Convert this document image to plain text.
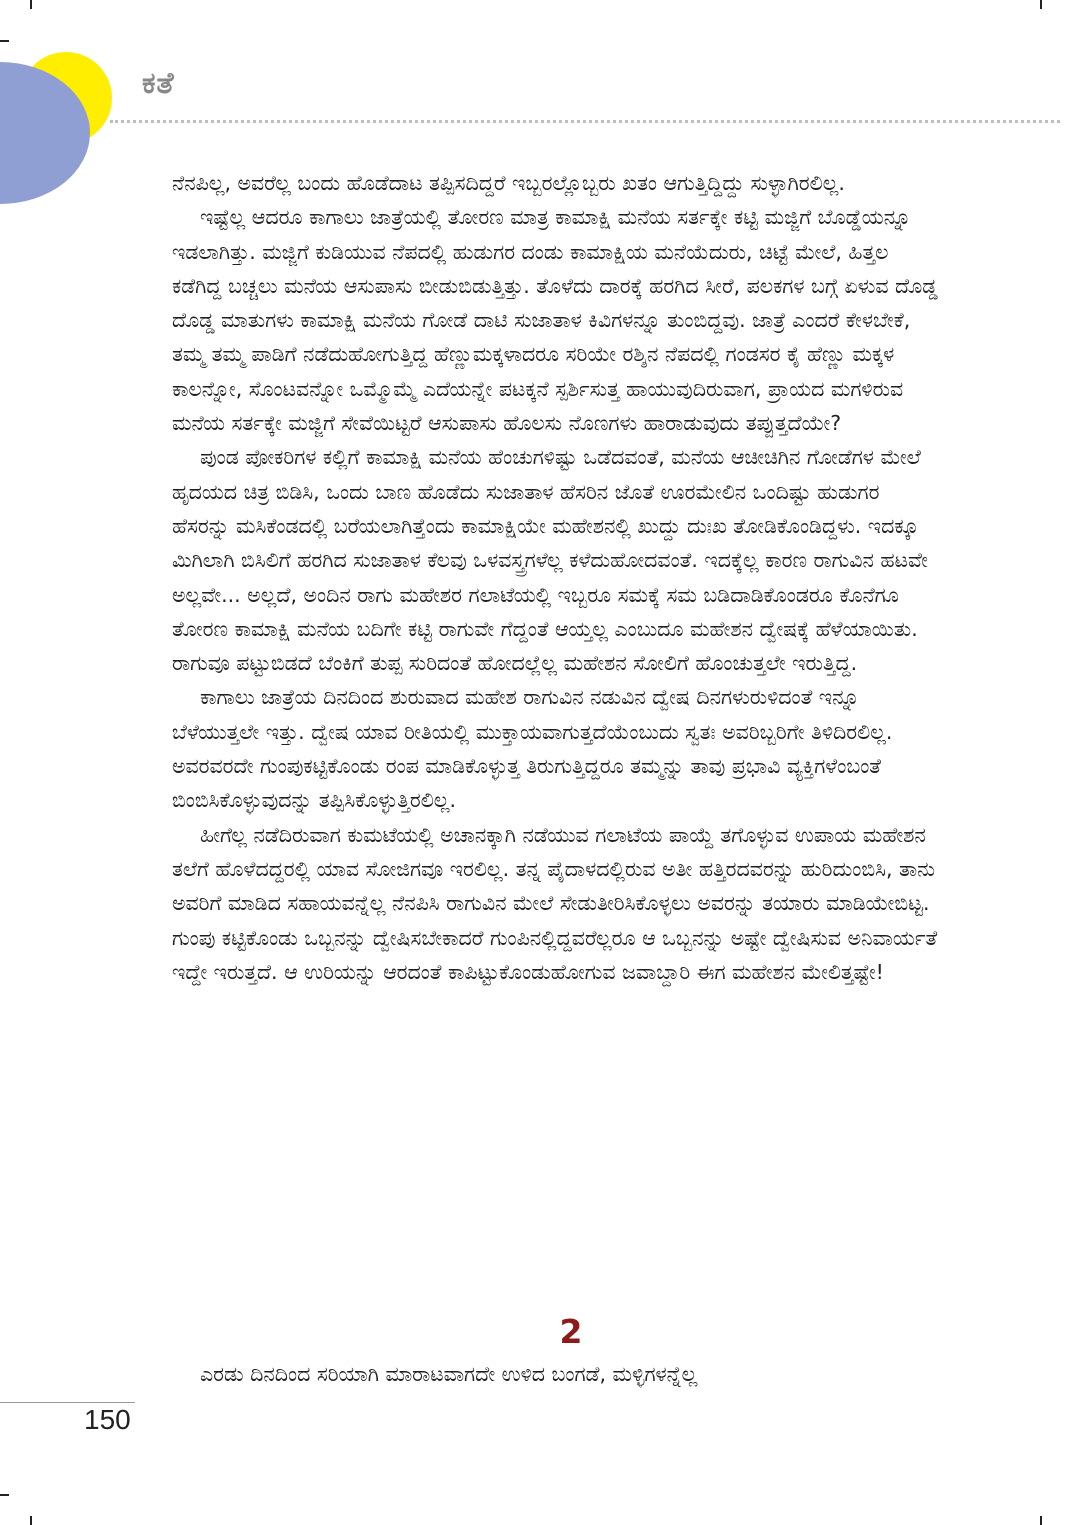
ಕತೆ

ನೆನಪಿಲ್ಲ, ಅವರೆಲ್ಲ ಬಂದು ಹೊಡೆದಾಟ ತಪ್ಪಿಸದಿದ್ದರೆ ಇಬ್ಬರಲ್ಲೊಬ್ಬರು ಖತಂ ಆಗುತ್ತಿದ್ದಿದ್ದು ಸುಳ್ಳಾಗಿರಲಿಲ್ಲ.

ಇಷ್ಟೆಲ್ಲ ಆದರೂ ಕಾಗಾಲು ಜಾತ್ರೆಯಲ್ಲಿ ತೋರಣ ಮಾತ್ರ ಕಾಮಾಕ್ಷಿ ಮನೆಯ ಸರ್ತಕ್ಕೇ ಕಟ್ಟಿ ಮಜ್ಜಿಗೆ ಬೊಡ್ಡೆಯನ್ನೂ ಇಡಲಾಗಿತ್ತು. ಮಜ್ಜಿಗೆ ಕುಡಿಯುವ ನೆಪದಲ್ಲಿ ಹುಡುಗರ ದಂಡು ಕಾಮಾಕ್ಷಿಯ ಮನೆಯೆದುರು, ಚಿಟ್ಟೆ ಮೇಲೆ, ಹಿತ್ತಲ ಕಡೆಗಿದ್ದ ಬಚ್ಚಲು ಮನೆಯ ಆಸುಪಾಸು ಬೀಡುಬಿಡುತ್ತಿತ್ತು. ತೊಳೆದು ದಾರಕ್ಕೆ ಹರಗಿದ ಸೀರೆ, ಪಲಕಗಳ ಬಗ್ಗೆ ಏಳುವ ದೊಡ್ಡ ದೊಡ್ಡ ಮಾತುಗಳು ಕಾಮಾಕ್ಷಿ ಮನೆಯ ಗೋಡೆ ದಾಟಿ ಸುಜಾತಾಳ ಕಿವಿಗಳನ್ನೂ ತುಂಬಿದ್ದವು. ಜಾತ್ರೆ ಎಂದರೆ ಕೇಳಬೇಕೆ, ತಮ್ಮ ತಮ್ಮ ಪಾಡಿಗೆ ನಡೆದುಹೋಗುತ್ತಿದ್ದ ಹೆಣ್ಣುಮಕ್ಕಳಾದರೂ ಸರಿಯೇ ರಶ್ಶಿನ ನೆಪದಲ್ಲಿ ಗಂಡಸರ ಕೈ ಹೆಣ್ಣು ಮಕ್ಕಳ ಕಾಲನ್ನೋ, ಸೊಂಟವನ್ನೋ ಒಮ್ಮೊಮ್ಮೆ ಎದೆಯನ್ನೇ ಪಟಕ್ಕನೆ ಸ್ಪರ್ಶಿಸುತ್ತ ಹಾಯುವುದಿರುವಾಗ, ಪ್ರಾಯದ ಮಗಳಿರುವ ಮನೆಯ ಸರ್ತಕ್ಕೇ ಮಜ್ಜಿಗೆ ಸೇವೆಯಿಟ್ಟರೆ ಆಸುಪಾಸು ಹೊಲಸು ನೊಣಗಳು ಹಾರಾಡುವುದು ತಪ್ಪುತ್ತದೆಯೇ?

ಪುಂಡ ಪೋಕರಿಗಳ ಕಲ್ಲಿಗೆ ಕಾಮಾಕ್ಷಿ ಮನೆಯ ಹೆಂಚುಗಳಿಷ್ಟು ಒಡೆದವಂತೆ, ಮನೆಯ ಆಚೀಚಿಗಿನ ಗೋಡೆಗಳ ಮೇಲೆ ಹೃದಯದ ಚಿತ್ರ ಬಿಡಿಸಿ, ಒಂದು ಬಾಣ ಹೊಡೆದು ಸುಜಾತಾಳ ಹೆಸರಿನ ಜೊತೆ ಊರಮೇಲಿನ ಒಂದಿಷ್ಟು ಹುಡುಗರ ಹೆಸರನ್ನು ಮಸಿಕೆಂಡದಲ್ಲಿ ಬರೆಯಲಾಗಿತ್ತೆಂದು ಕಾಮಾಕ್ಷಿಯೇ ಮಹೇಶನಲ್ಲಿ ಖುದ್ದು ದುಃಖ ತೋಡಿಕೊಂಡಿದ್ದಳು. ಇದಕ್ಕೂ ಮಿಗಿಲಾಗಿ ಬಿಸಿಲಿಗೆ ಹರಗಿದ ಸುಜಾತಾಳ ಕೆಲವು ಒಳವಸ್ತ್ರಗಳೆಲ್ಲ ಕಳೆದುಹೋದವಂತೆ. ಇದಕ್ಕೆಲ್ಲ ಕಾರಣ ರಾಗುವಿನ ಹಟವೇ ಅಲ್ಲವೇ... ಅಲ್ಲದೆ, ಅಂದಿನ ರಾಗು ಮಹೇಶರ ಗಲಾಟೆಯಲ್ಲಿ ಇಬ್ಬರೂ ಸಮಕ್ಕೆ ಸಮ ಬಡಿದಾಡಿಕೊಂಡರೂ ಕೊನೆಗೂ ತೋರಣ ಕಾಮಾಕ್ಷಿ ಮನೆಯ ಬದಿಗೇ ಕಟ್ಟಿ ರಾಗುವೇ ಗೆದ್ದಂತೆ ಆಯ್ತಲ್ಲ ಎಂಬುದೂ ಮಹೇಶನ ದ್ವೇಷಕ್ಕೆ ಹೆಳೆಯಾಯಿತು. ರಾಗುವೂ ಪಟ್ಟುಬಿಡದೆ ಬೆಂಕಿಗೆ ತುಪ್ಪ ಸುರಿದಂತೆ ಹೋದಲ್ಲೆಲ್ಲ ಮಹೇಶನ ಸೋಲಿಗೆ ಹೊಂಚುತ್ತಲೇ ಇರುತ್ತಿದ್ದ.

ಕಾಗಾಲು ಜಾತ್ರೆಯ ದಿನದಿಂದ ಶುರುವಾದ ಮಹೇಶ ರಾಗುವಿನ ನಡುವಿನ ದ್ವೇಷ ದಿನಗಳುರುಳಿದಂತೆ ಇನ್ನೂ ಬೆಳೆಯುತ್ತಲೇ ಇತ್ತು. ದ್ವೇಷ ಯಾವ ರೀತಿಯಲ್ಲಿ ಮುಕ್ತಾಯವಾಗುತ್ತದೆಯೆಂಬುದು ಸ್ವತಃ ಅವರಿಬ್ಬರಿಗೇ ತಿಳಿದಿರಲಿಲ್ಲ. ಅವರವರದೇ ಗುಂಪುಕಟ್ಟಿಕೊಂಡು ರಂಪ ಮಾಡಿಕೊಳ್ಳುತ್ತ ತಿರುಗುತ್ತಿದ್ದರೂ ತಮ್ಮನ್ನು ತಾವು ಪ್ರಭಾವಿ ವ್ಯಕ್ತಿಗಳೆಂಬಂತೆ ಬಿಂಬಿಸಿಕೊಳ್ಳುವುದನ್ನು ತಪ್ಪಿಸಿಕೊಳ್ಳುತ್ತಿರಲಿಲ್ಲ.

ಹೀಗೆಲ್ಲ ನಡೆದಿರುವಾಗ ಕುಮಟೆಯಲ್ಲಿ ಅಚಾನಕ್ಕಾಗಿ ನಡೆಯುವ ಗಲಾಟೆಯ ಪಾಯ್ದೆ ತಗೊಳ್ಳುವ ಉಪಾಯ ಮಹೇಶನ ತಲೆಗೆ ಹೊಳೆದದ್ದರಲ್ಲಿ ಯಾವ ಸೋಜಿಗವೂ ಇರಲಿಲ್ಲ. ತನ್ನ ಪೈದಾಳದಲ್ಲಿರುವ ಅತೀ ಹತ್ತಿರದವರನ್ನು ಹುರಿದುಂಬಿಸಿ, ತಾನು ಅವರಿಗೆ ಮಾಡಿದ ಸಹಾಯವನ್ನೆಲ್ಲ ನೆನಪಿಸಿ ರಾಗುವಿನ ಮೇಲೆ ಸೇಡುತೀರಿಸಿಕೊಳ್ಳಲು ಅವರನ್ನು ತಯಾರು ಮಾಡಿಯೇಬಿಟ್ಟ. ಗುಂಪು ಕಟ್ಟಿಕೊಂಡು ಒಬ್ಬನನ್ನು ದ್ವೇಷಿಸಬೇಕಾದರೆ ಗುಂಪಿನಲ್ಲಿದ್ದವರೆಲ್ಲರೂ ಆ ಒಬ್ಬನನ್ನು ಅಷ್ಟೇ ದ್ವೇಷಿಸುವ ಅನಿವಾರ್ಯತೆ ಇದ್ದೇ ಇರುತ್ತದೆ. ಆ ಉರಿಯನ್ನು ಆರದಂತೆ ಕಾಪಿಟ್ಟುಕೊಂಡುಹೋಗುವ ಜವಾಬ್ದಾರಿ ಈಗ ಮಹೇಶನ ಮೇಲಿತ್ತಷ್ಟೇ!

2
ಎರಡು ದಿನದಿಂದ ಸರಿಯಾಗಿ ಮಾರಾಟವಾಗದೇ ಉಳಿದ ಬಂಗಡೆ, ಮಳ್ಳಿಗಳನ್ನೆಲ್ಲ
150
